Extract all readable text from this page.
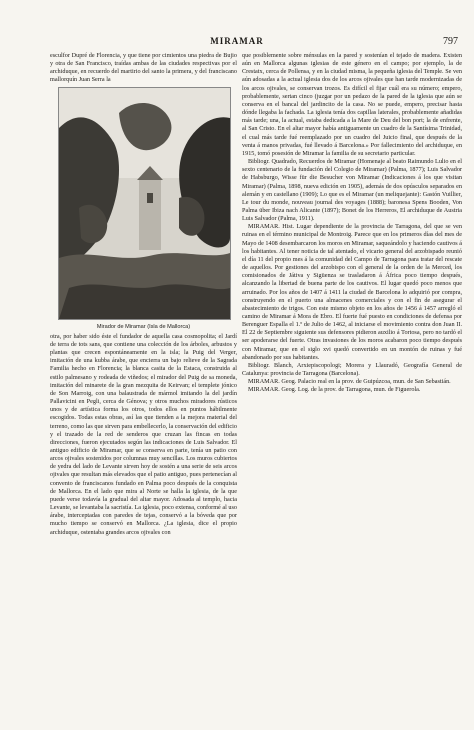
MIRAMAR	797

esculfor Dupré de Florencia, y que tiene por cimientos una piedra de Bujio y otra de San Francisco, traídas ambas de las ciudades respectivas por el archiduque, en recuerdo del martirio del santo la primera, y del franciscano mallorquín Juan Serra la

Mirador de Miramar (Isla de Mallorca)

otra, por haber sido éste el fundador de aquella casa cosmopolita; el Jardí de terra de tots sans, que contiene una colección de los árboles, arbustos y plantas que crecen espontáneamente en la isla; la Puig del Verger, imitación de una kubba árabe, que encierra un bajo relieve de la Sagrada Familia hecho en Florencia; la blanca casita de la Estaca, construida al estilo palmesano y rodeada de viñedos; el mirador del Puig de sa moneda, imitación del minarete de la gran mezquita de Keirvan; el templete jónico de Son Marroig, con una balaustrada de mármol imitando la del jardín Pallavicini en Pegli, cerca de Génova; y otros muchos miradores rústicos unos y de artística forma los otros, todos ellos en puntos hábilmente escogidos. Todas estas obras, así las que tienden a la mejora material del terreno, como las que sirven para embellecerlo, la conservación del edificio y el trazado de la red de senderos que cruzan las fincas en todas direcciones, fueron ejecutados según las indicaciones de Luis Salvador. El antiguo edificio de Miramar, que se conserva en parte, tenía un patio con arcos ojivales sostenidos por columnas muy sencillas. Los muros cubiertos de yedra del lado de Levante sirven hoy de sostén a una serie de seis arcos ojivales que resultan más elevados que el patio antiguo, pues pertenecían al convento de franciscanos fundado en Palma poco después de la conquista de Mallorca. En el lado que mira al Norte se halla la iglesia, de la que puede verse todavía la gradual del altar mayor. Adosada al templo, hacia Levante, se levantaba la sacristía. La iglesia, poco extensa, conformé al uso árabe, interceptadas con paredes de tejas, conservó a la bóveda que por mucho tiempo se conservó en Mallorca. ¿La iglesia, dice el propio archiduque, ostentaba grandes arcos ojivales con

que posiblemente sobre ménsulas en la pared y sostenían el tejado de madera. Existen aún en Mallorca algunas iglesias de este género en el campo; por ejemplo, la de Crestatx, cerca de Pollensa, y en la ciudad misma, la pequeña iglesia del Temple. Se ven aún adosadas a la actual iglesia dos de los arcos ojivales que han tarde modernizadas de los arcos ojivales, se conservan trozos. Es difícil el fijar cuál era su número; empero, probablemente, sertan cinco (juzgar por un pedazo de la pared de la iglesia que aún se conserva en el bancal del jardincito de la casa. No se puede, empero, precisar hasta dónde llegaba la fachada. La iglesia tenía dos capillas laterales, probablemente añadidas más tarde; una, la actual, estaba dedicada a la Mare de Deu del bon port; la de enfrente, al San Cristo. En el altar mayor había antiguamente un cuadro de la Santísima Trinidad, el cual más tarde fué reemplazado por un cuadro del Juicio final, que después de la venta á manos privadas, fué llevado á Barcelona.» Por fallecimiento del archiduque, en 1915, tomó posesión de Miramar la familia de su secretario particular.

Bibliogr. Quadrado, Recuerdos de Miramar (Homenaje al beato Raimundo Lulio en el sexto centenario de la fundación del Colegio de Miramar) (Palma, 1877); Luis Salvador de Habsburgo, Wisse für die Besucher von Miramar (Indicaciones á los que visitan Miramar) (Palma, 1898, nueva edición en 1905), además de dos opúsculos separados en alemán y en castellano (1909); Lo que es el Miramar (un meliquejante): Gastón Vuillier, Le tour du monde, nouveau journal des voyages (1888); baronesa Spens Booden, Von Palma über Ibiza nach Alicante (1897); Bonet de los Herreros, El archiduque de Austria Luis Salvador (Palma, 1911).

MIRAMAR. Hist. Lugar dependiente de la provincia de Tarragona, del que se ven ruinas en el término municipal de Montroig. Parece que en los primeros días del mes de Mayo de 1408 desembarcaron los moros en Miramar, saqueándolo y haciendo cautivos á los habitantes. Al tener noticia de tal atentado, el vicario general del arzobispado reunió el día 11 del propio mes á la comunidad del Campo de Tarragona para tratar del rescate de aquellos. Por gestiones del arzobispo con el general de la orden de la Merced, los comisionados de Játiva y Sigüenza se trasladaron á África poco tiempo después, alcanzando la libertad de buena parte de los cautivos. El lugar quedó poco menos que arruinado. Por los años de 1407 á 1411 la ciudad de Barcelona lo adquirió por compra, construyendo en el puerto una almacenes comerciales y con el fin de asegurar el abastecimiento de trigos. Con este mismo objeto en los años de 1456 á 1457 arregló el camino de Miramar á Mora de Ebro. El fuerte fué puesto en condiciones de defensa por Berenguer Espalla el 1.º de Julio de 1462, al iniciarse el movimiento contra don Juan II. El 22 de Septiembre siguiente sus defensores pidieron auxilio á Tortosa, pero no tardó el ser apoderarse del fuerte. Otras invasiones de los moros acabaron poco tiempo después con Miramar, que en el siglo xvi quedó convertido en un montón de ruinas y fué abandonado por sus habitantes.

Bibliogr. Blanch, Arxiepiscopologi; Morera y Llauradó, Geografía General de Catalunya: provincia de Tarragona (Barcelona).

MIRAMAR. Geog. Palacio real en la prov. de Guipúzcoa, mun. de San Sebastián.

MIRAMAR. Geog. Log. de la prov. de Tarragona, mun. de Figuerola.
